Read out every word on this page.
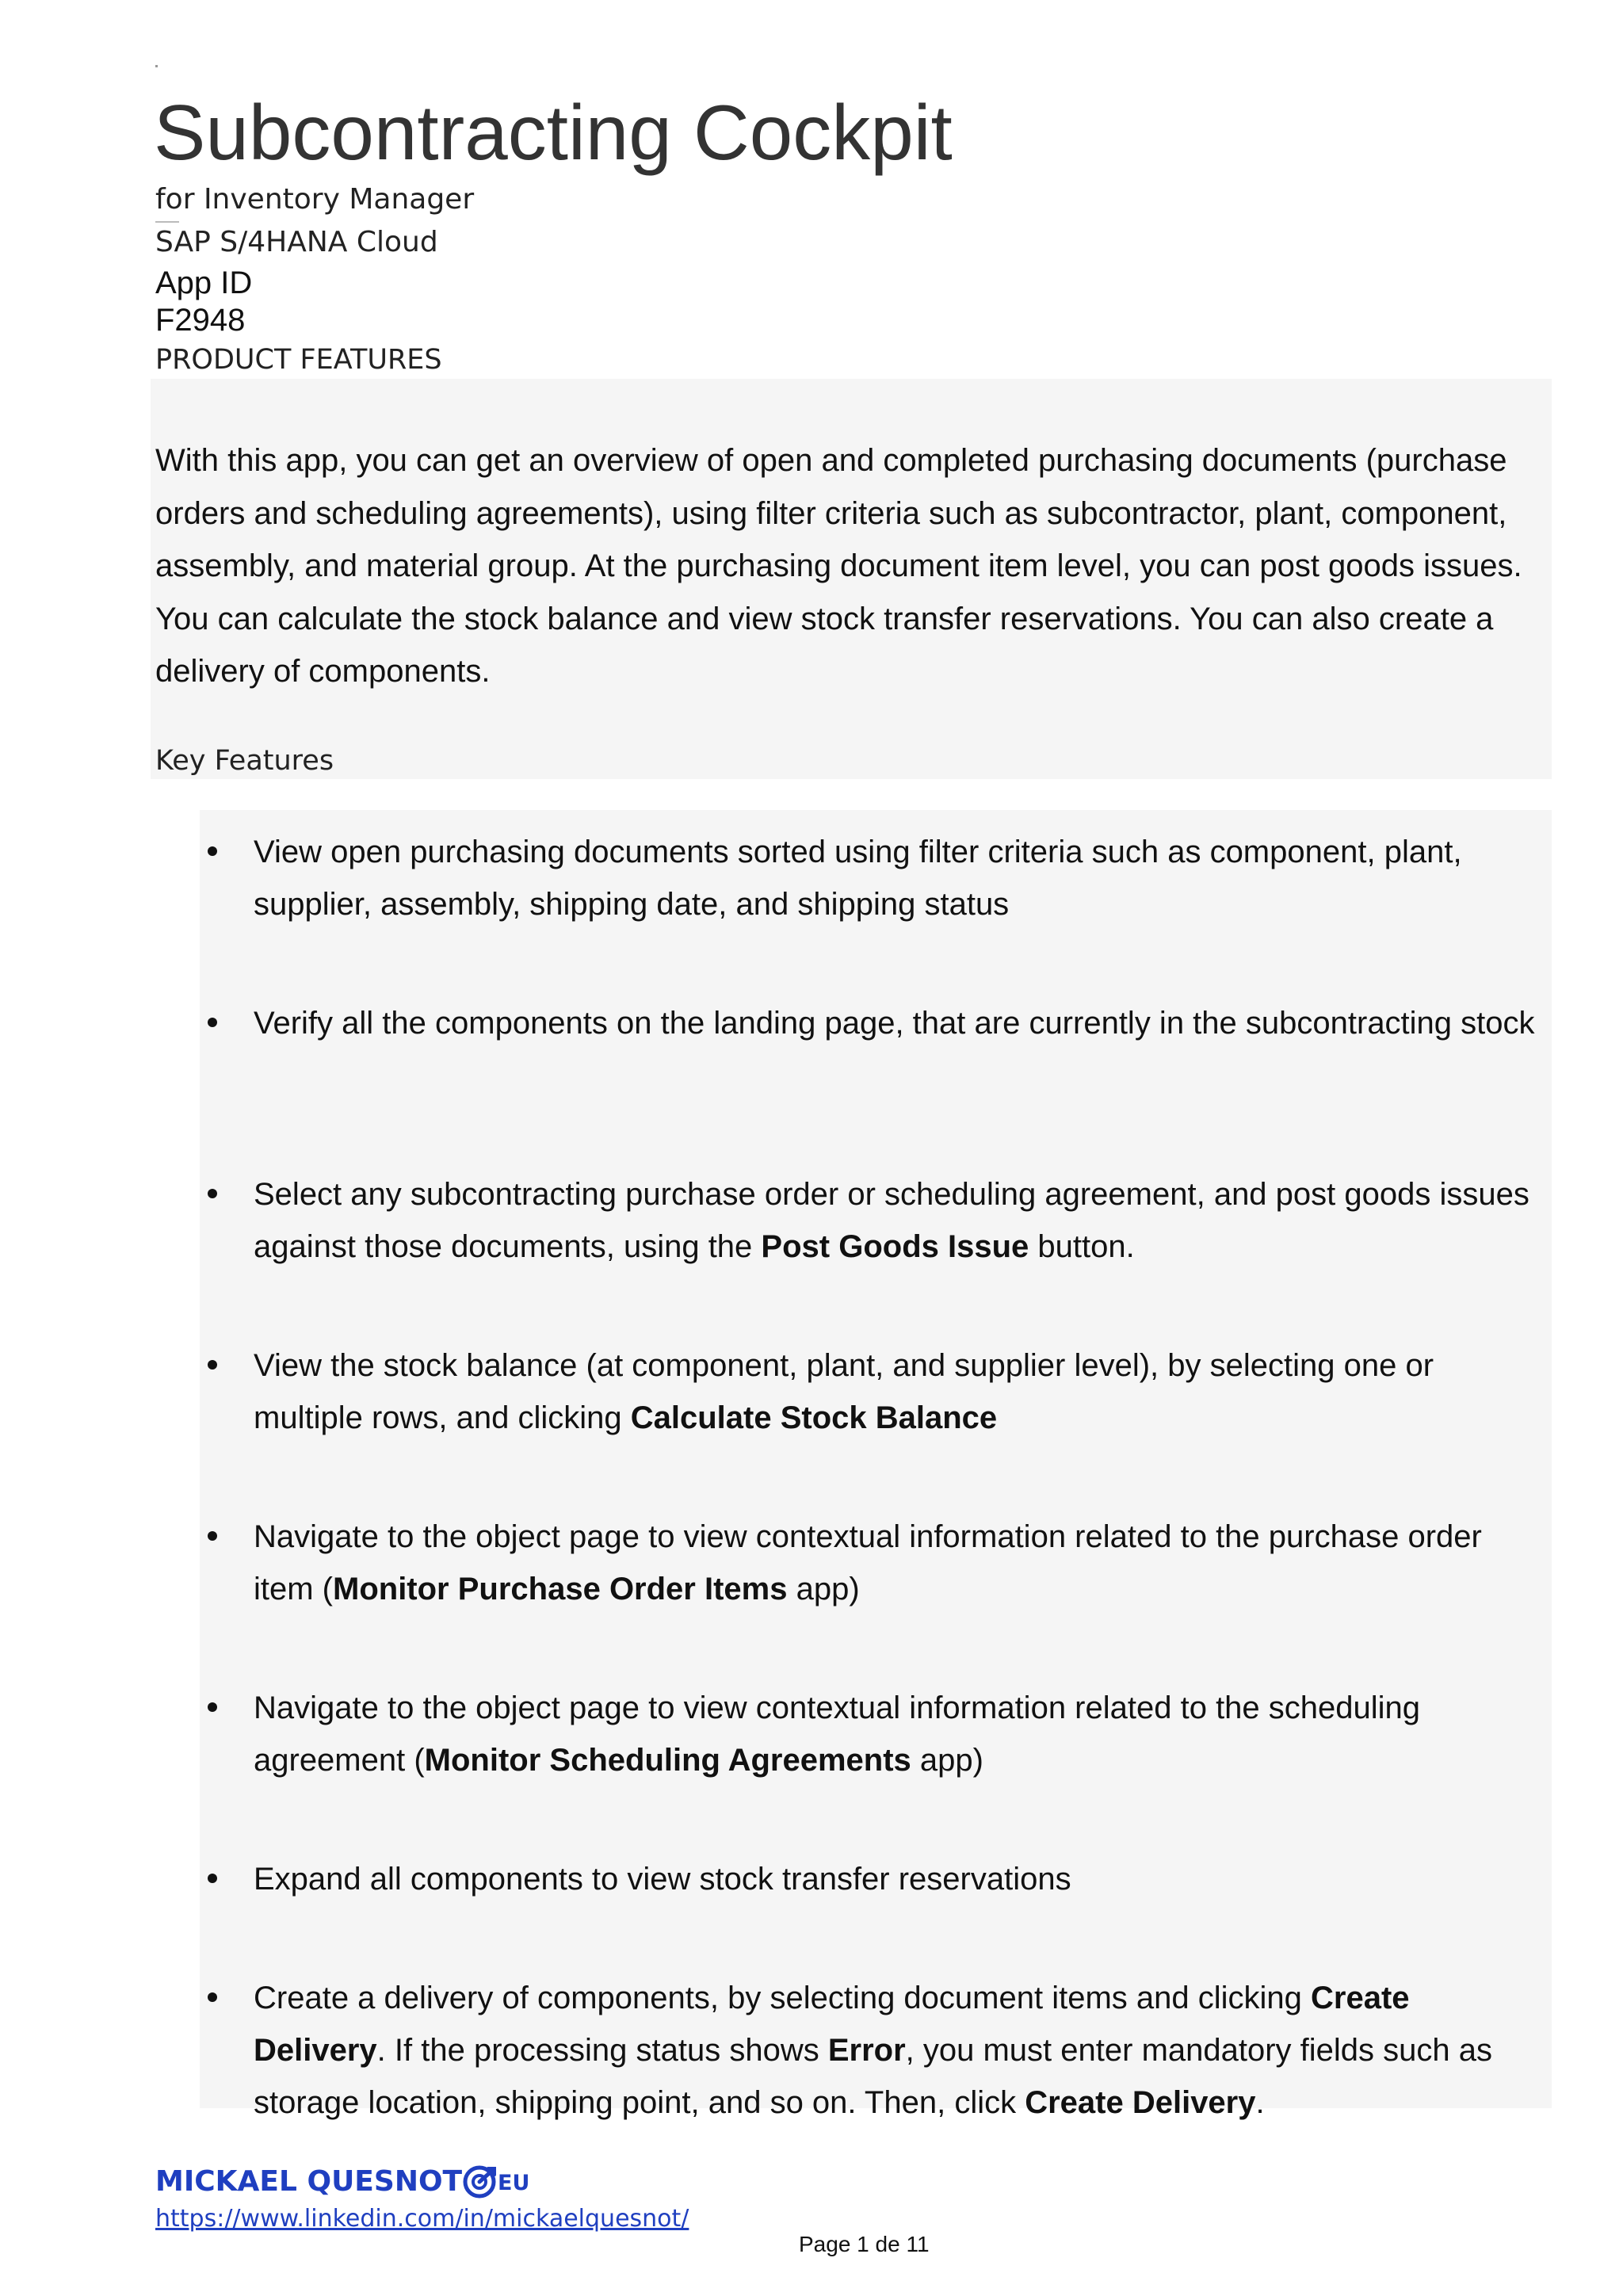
Subcontracting Cockpit
for Inventory Manager
SAP S/4HANA Cloud
App ID
F2948
PRODUCT FEATURES
With this app, you can get an overview of open and completed purchasing documents (purchase orders and scheduling agreements), using filter criteria such as subcontractor, plant, component, assembly, and material group. At the purchasing document item level, you can post goods issues. You can calculate the stock balance and view stock transfer reservations. You can also create a delivery of components.
Key Features
View open purchasing documents sorted using filter criteria such as component, plant, supplier, assembly, shipping date, and shipping status
Verify all the components on the landing page, that are currently in the subcontracting stock
Select any subcontracting purchase order or scheduling agreement, and post goods issues against those documents, using the Post Goods Issue button.
View the stock balance (at component, plant, and supplier level), by selecting one or multiple rows, and clicking Calculate Stock Balance
Navigate to the object page to view contextual information related to the purchase order item (Monitor Purchase Order Items app)
Navigate to the object page to view contextual information related to the scheduling agreement (Monitor Scheduling Agreements app)
Expand all components to view stock transfer reservations
Create a delivery of components, by selecting document items and clicking Create Delivery. If the processing status shows Error, you must enter mandatory fields such as storage location, shipping point, and so on. Then, click Create Delivery.
MICKAEL QUESNOT EU
https://www.linkedin.com/in/mickaelquesnot/
Page 1 de 11
